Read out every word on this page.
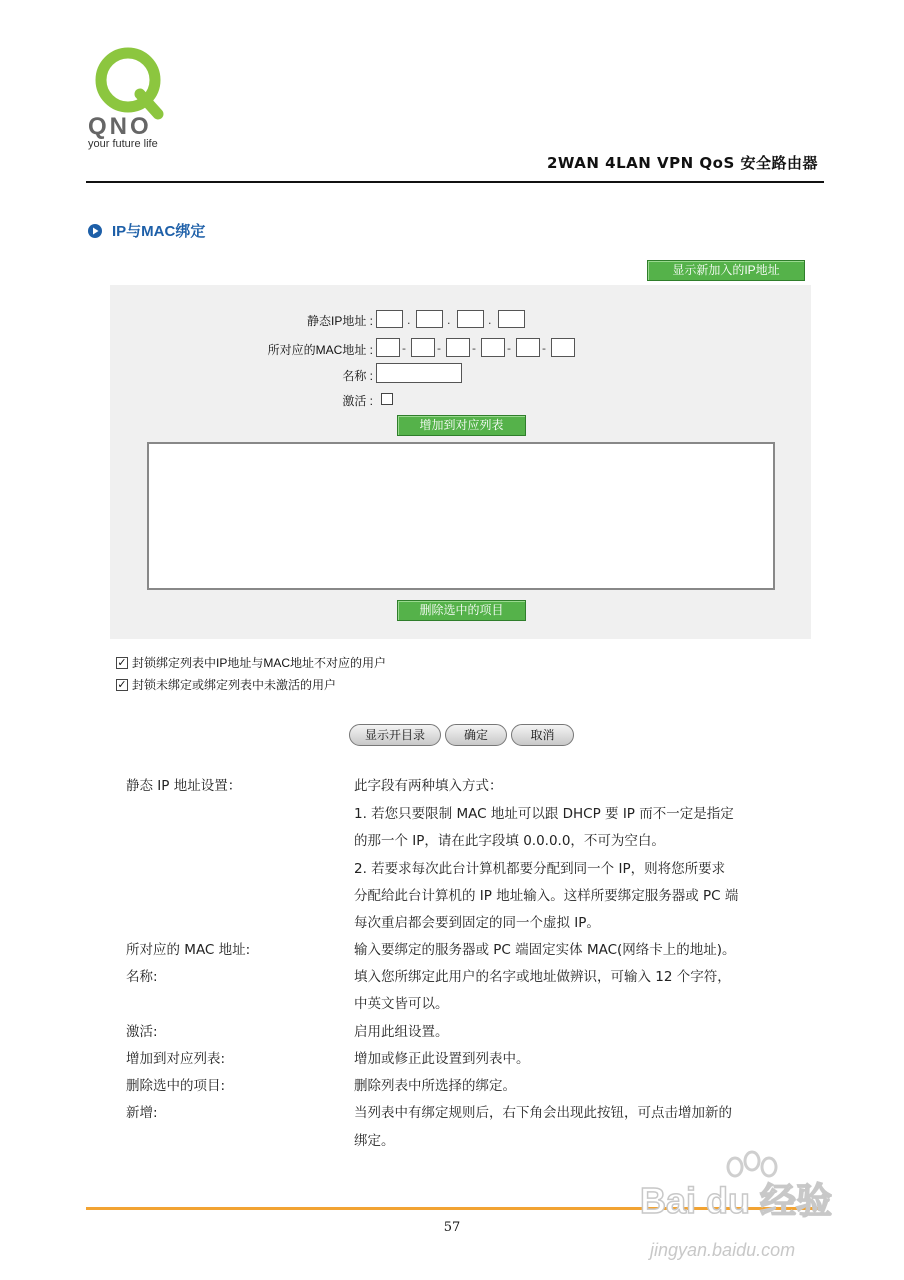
QNO
your future life
2WAN 4LAN VPN QoS 安全路由器
IP与MAC绑定
显示新加入的IP地址
静态IP地址 :	.	.	.
所对应的MAC地址 :	-	-	-	-	-
名称 :
激活 :
增加到对应列表
删除选中的项目
✓ 封锁绑定列表中IP地址与MAC地址不对应的用户
✓ 封锁未绑定或绑定列表中未激活的用户
显示开目录	确定	取消
静态 IP 地址设置：	此字段有两种填入方式：
1. 若您只要限制 MAC 地址可以跟 DHCP 要 IP 而不一定是指定
的那一个 IP，请在此字段填 0.0.0.0，不可为空白。
2. 若要求每次此台计算机都要分配到同一个 IP，则将您所要求
分配给此台计算机的 IP 地址输入。这样所要绑定服务器或 PC 端
每次重启都会要到固定的同一个虚拟 IP。
所对应的 MAC 地址:	输入要绑定的服务器或 PC 端固定实体 MAC(网络卡上的地址)。
名称:	填入您所绑定此用户的名字或地址做辨识，可输入 12 个字符，
中英文皆可以。
激活:	启用此组设置。
增加到对应列表:	增加或修正此设置到列表中。
删除选中的项目:	删除列表中所选择的绑定。
新增:	当列表中有绑定规则后，右下角会出现此按钮，可点击增加新的
绑定。
57
Bai du 经验
jingyan.baidu.com
